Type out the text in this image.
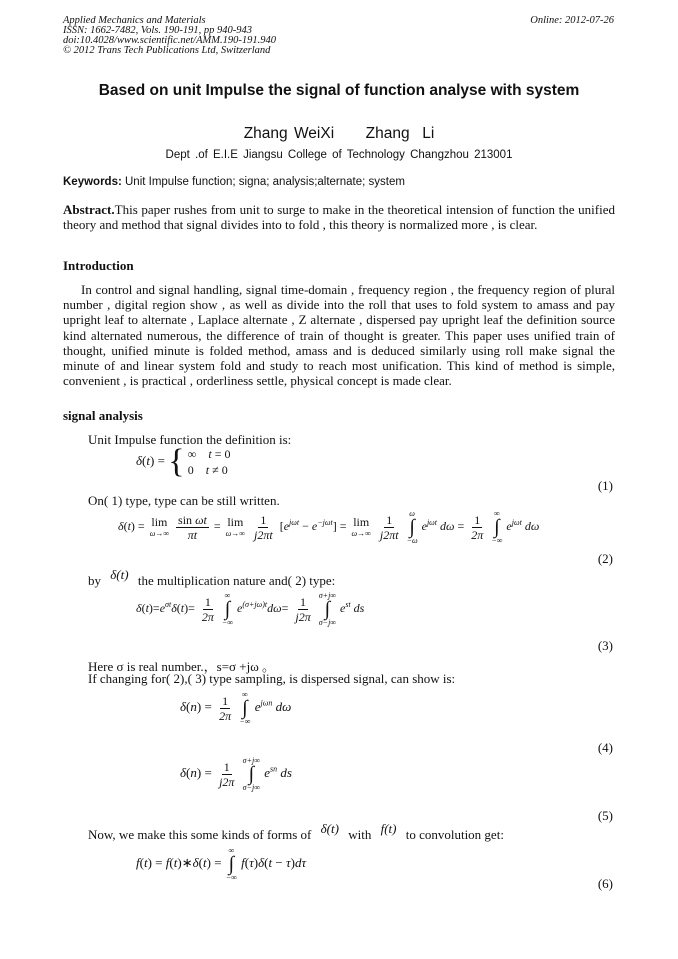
Applied Mechanics and Materials
ISSN: 1662-7482, Vols. 190-191, pp 940-943
doi:10.4028/www.scientific.net/AMM.190-191.940
© 2012 Trans Tech Publications Ltd, Switzerland
Online: 2012-07-26
Based on unit Impulse the signal of function analyse with system
Zhang WeiXi     Zhang  Li
Dept .of E.I.E Jiangsu College of Technology Changzhou 213001
Keywords: Unit Impulse function; signa; analysis;alternate; system
Abstract.This paper rushes from unit to surge to make in the theoretical intension of function the unified theory and method that signal divides into to fold , this theory is normalized more , is clear.
Introduction
In control and signal handling, signal time-domain , frequency region , the frequency region of plural number , digital region show , as well as divide into the roll that uses to fold system to amass and pay upright leaf to alternate , Laplace alternate , Z alternate , dispersed pay upright leaf the definition source kind alternated numerous, the difference of train of thought is greater. This paper uses unified train of thought, unified minute is folded method, amass and is deduced similarly using roll make signal the minute of and linear system fold and study to reach most unification. This kind of method is simple, convenient , is practical , orderliness settle, physical concept is made clear.
signal analysis
Unit Impulse function the definition is:
δ(t) = { ∞    t = 0
0    t ≠ 0
(1)
On( 1) type, type can be still written.
δ(t) = lim
ω→∞
$\frac{\text{sin ωt}}{\pi t} = \lim$
ω→∞
$\frac{1}{j2\pi t} [e^{j\omega t} - e^{-j\omega t}] = \lim$
ω→∞
$\frac{1}{j2\pi t}$
ω
∫
−ω
$e^{j\omega t}$ $d\omega = \frac{1}{2\pi}$
∞
∫
−∞
$e^{j\omega t}$ dω
(2)
by δ(t) the multiplication nature and( 2) type:
$\delta(t)=e^{\sigma t}\delta(t)= \frac{1}{2\pi}$
∞
∫
−∞
$e^{(\sigma+j\omega)t}d\omega= \frac{1}{j2\pi}$
σ+j∞
∫
σ−j∞
$e^{st}$ ds
(3)
Here σ is real number.，s=σ +jω 。
If changing for( 2),( 3) type sampling, is dispersed signal, can show is:
$\delta(n) = \frac{1}{2\pi}$
∞
∫
−∞
$e^{j\omega n}$ dω
(4)
$\delta(n) = \frac{1}{j2\pi}$
σ+j∞
∫
σ−j∞
$e^{sn}$ ds
(5)
Now, we make this some kinds of forms of δ(t) with f(t) to convolution get:
f(t) = f(t)∗δ(t) =
∞
∫
−∞
f(τ)δ(t − τ)dτ
(6)
